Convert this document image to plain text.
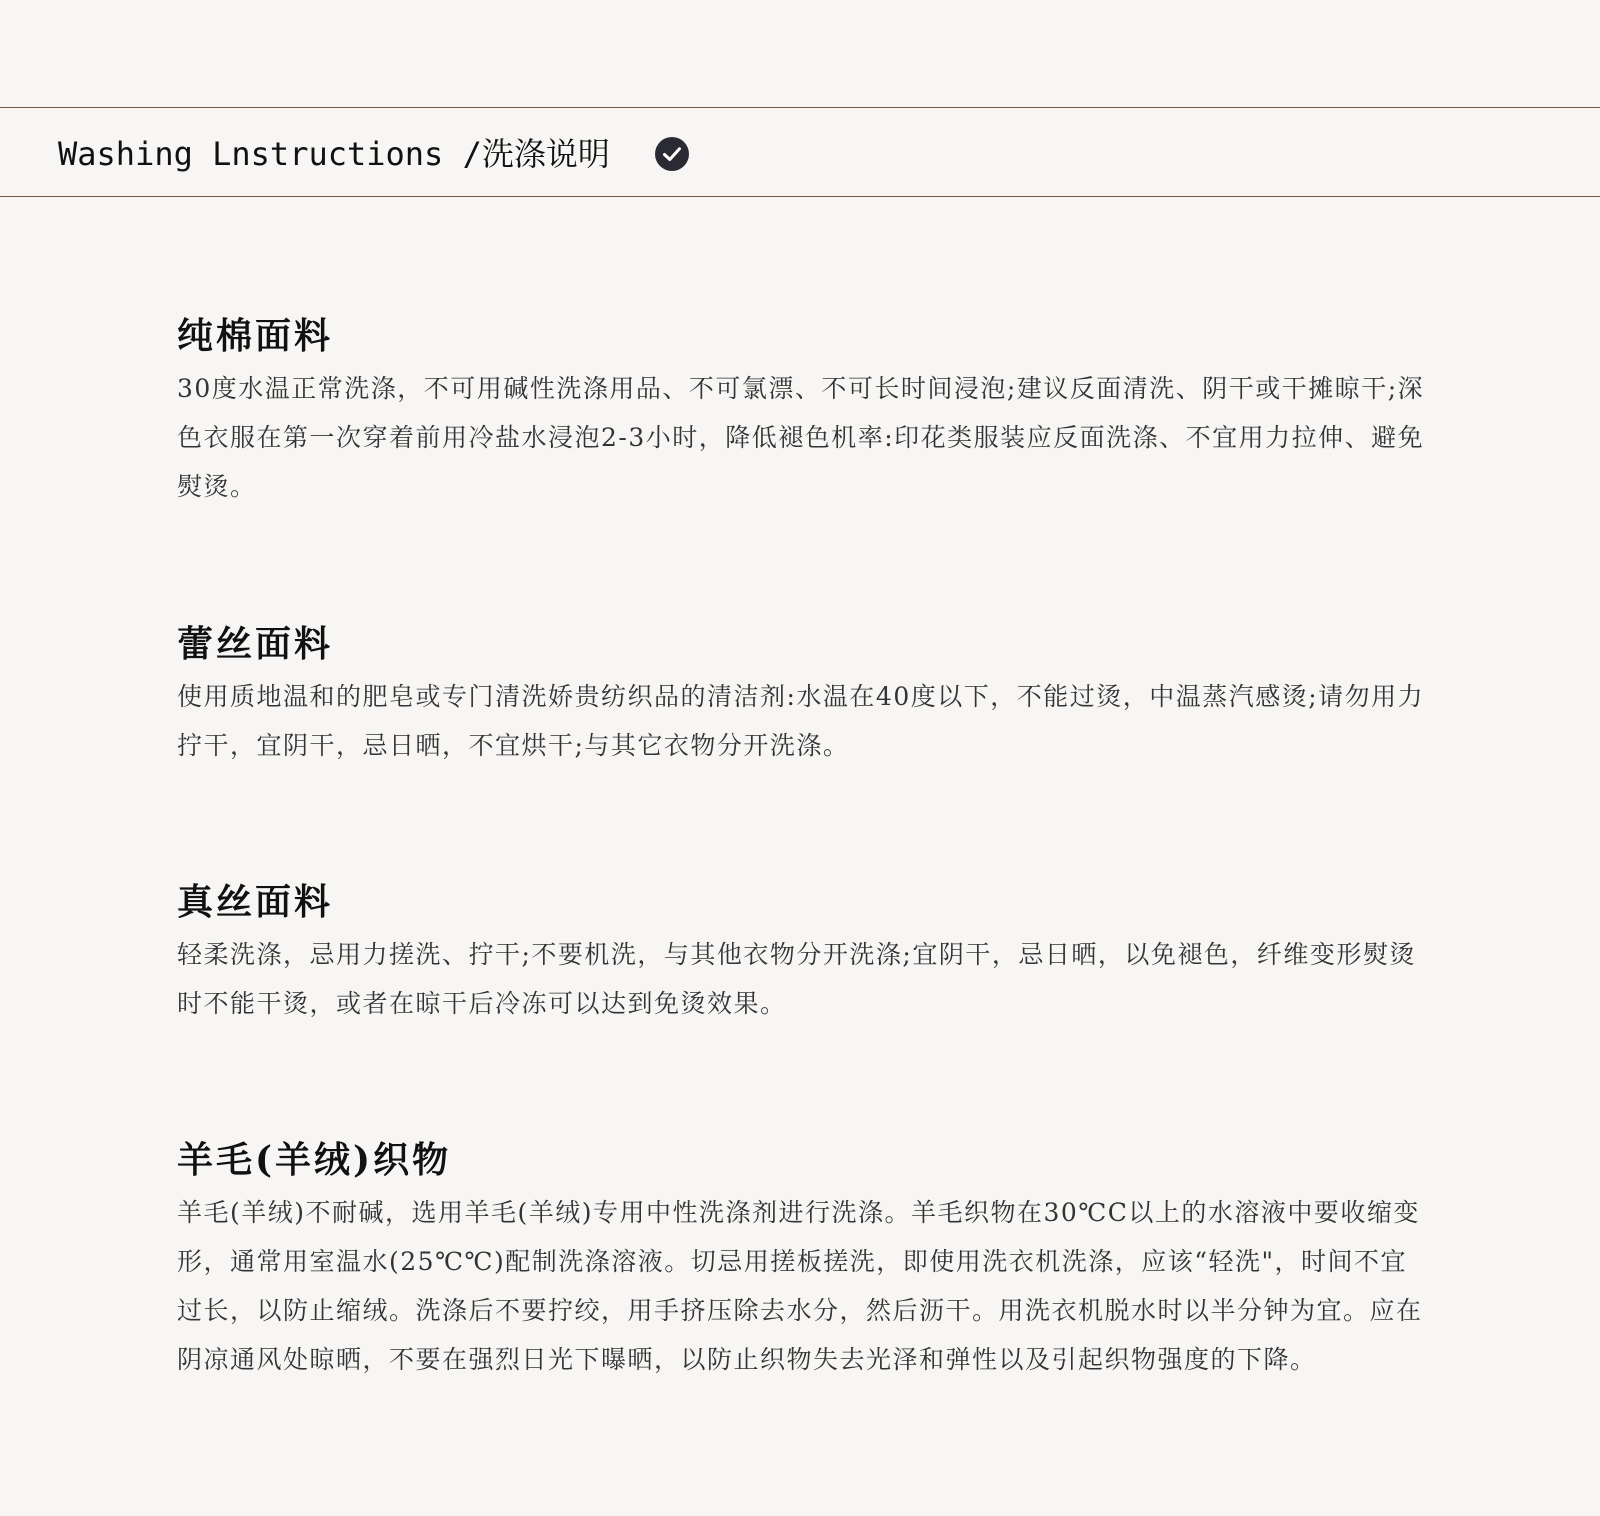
Washing Lnstructions /洗涤说明
纯棉面料

30度水温正常洗涤，不可用碱性洗涤用品、不可氯漂、不可长时间浸泡;建议反面清洗、阴干或干摊晾干;深色衣服在第一次穿着前用冷盐水浸泡2-3小时，降低褪色机率:印花类服装应反面洗涤、不宜用力拉伸、避免熨烫。

蕾丝面料

使用质地温和的肥皂或专门清洗娇贵纺织品的清洁剂:水温在40度以下，不能过烫，中温蒸汽感烫;请勿用力拧干，宜阴干，忌日晒，不宜烘干;与其它衣物分开洗涤。

真丝面料

轻柔洗涤，忌用力搓洗、拧干;不要机洗，与其他衣物分开洗涤;宜阴干，忌日晒，以免褪色，纤维变形熨烫时不能干烫，或者在晾干后冷冻可以达到免烫效果。

羊毛(羊绒)织物

羊毛(羊绒)不耐碱，选用羊毛(羊绒)专用中性洗涤剂进行洗涤。羊毛织物在30℃C以上的水溶液中要收缩变形，通常用室温水(25℃℃)配制洗涤溶液。切忌用搓板搓洗，即使用洗衣机洗涤，应该“轻洗"，时间不宜过长，以防止缩绒。洗涤后不要拧绞，用手挤压除去水分，然后沥干。用洗衣机脱水时以半分钟为宜。应在阴凉通风处晾晒，不要在强烈日光下曝晒，以防止织物失去光泽和弹性以及引起织物强度的下降。
